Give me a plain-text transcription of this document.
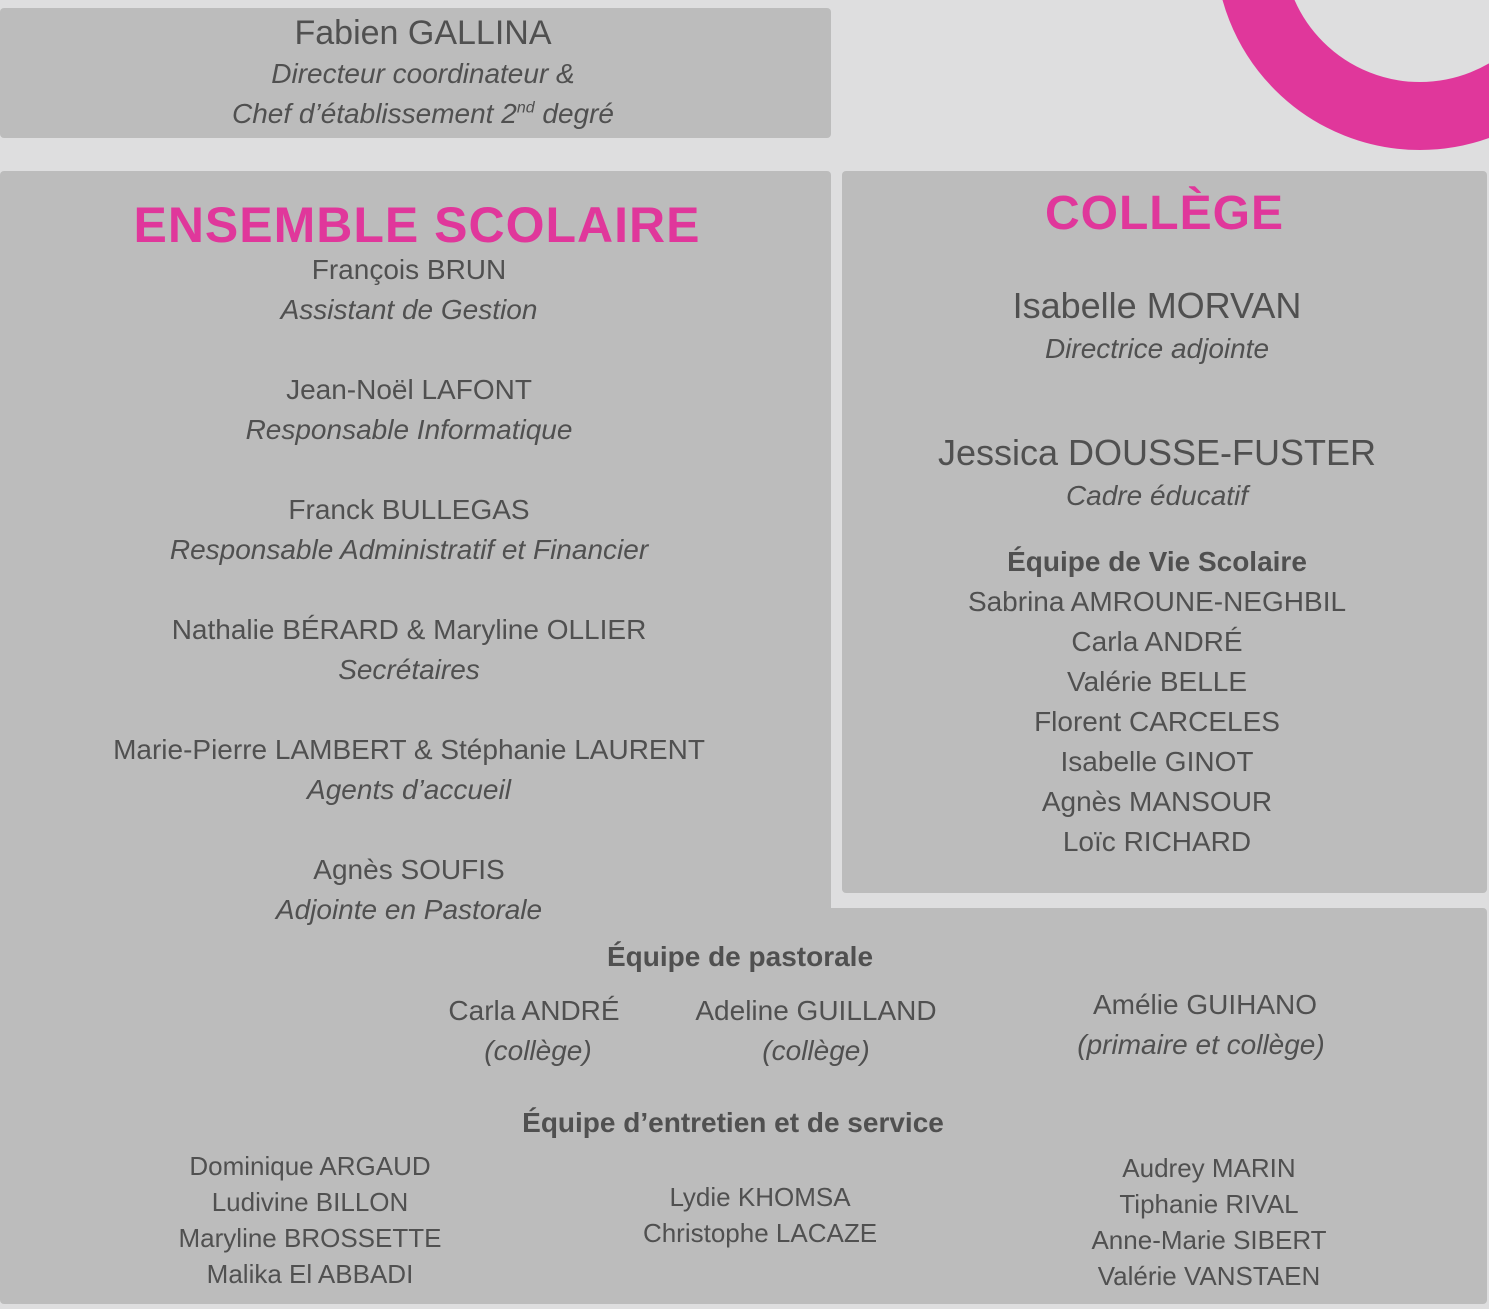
Fabien GALLINA
Directeur coordinateur &
Chef d’établissement 2nd degré
ENSEMBLE SCOLAIRE
François BRUN
Assistant de Gestion
Jean-Noël LAFONT
Responsable Informatique
Franck BULLEGAS
Responsable Administratif et Financier
Nathalie BÉRARD & Maryline OLLIER
Secrétaires
Marie-Pierre LAMBERT & Stéphanie LAURENT
Agents d’accueil
Agnès SOUFIS
Adjointe en Pastorale
COLLÈGE
Isabelle MORVAN
Directrice adjointe
Jessica DOUSSE-FUSTER
Cadre éducatif
Équipe de Vie Scolaire
Sabrina AMROUNE-NEGHBIL
Carla ANDRÉ
Valérie BELLE
Florent CARCELES
Isabelle GINOT
Agnès MANSOUR
Loïc RICHARD
Équipe de pastorale
Carla ANDRÉ
(collège)
Adeline GUILLAND
(collège)
Amélie GUIHANO
(primaire et collège)
Équipe d’entretien et de service
Dominique ARGAUD
Ludivine BILLON
Maryline BROSSETTE
Malika El ABBADI
Lydie KHOMSA
Christophe LACAZE
Audrey MARIN
Tiphanie RIVAL
Anne-Marie SIBERT
Valérie VANSTAEN
